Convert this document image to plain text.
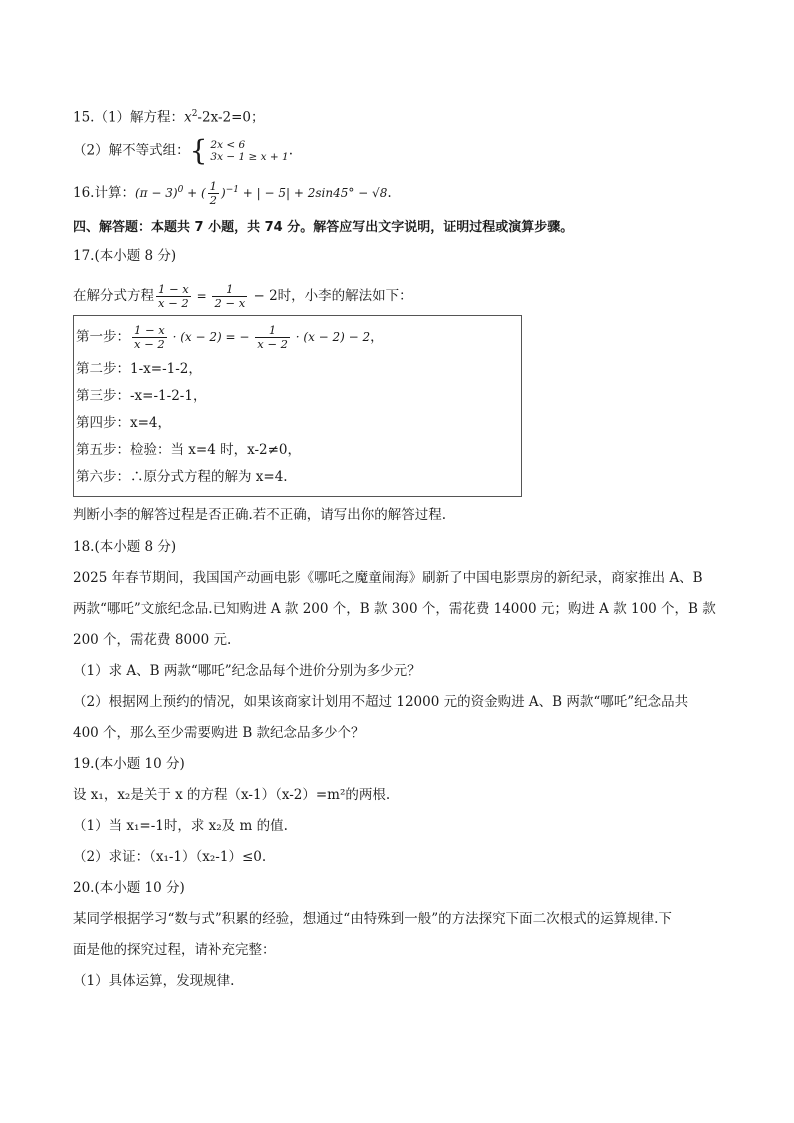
15.（1）解方程：$x^2-2x-2=0$；
（2）解不等式组：{ 2x < 6
3x − 1 ≥ x + 1 .
16.计算：$(\pi - 3)^0$ + ( $\frac{1}{2} )^{-1}$ + | − 5| + 2sin45° − √8.
四、解答题：本题共 7 小题，共 74 分。解答应写出文字说明，证明过程或演算步骤。
17.(本小题 8 分)
在解分式方程 $\frac{1 - x}{x - 2} = \frac{1}{2 - x} - 2$时，小李的解法如下：
第一步： $\frac{1 - x}{x - 2} \cdot (x - 2)$ = − $\frac{1}{x - 2} \cdot (x - 2) - 2$，
第二步：1-x=-1-2，
第三步：-x=-1-2-1，
第四步：x=4，
第五步：检验：当 x=4 时，x-2≠0，
第六步：∴原分式方程的解为 x=4.
判断小李的解答过程是否正确.若不正确，请写出你的解答过程.
18.(本小题 8 分)
2025 年春节期间，我国国产动画电影《哪吒之魔童闹海》刷新了中国电影票房的新纪录，商家推出 A、B
两款“哪吒”文旅纪念品.已知购进 A 款 200 个，B 款 300 个，需花费 14000 元；购进 A 款 100 个，B 款
200 个，需花费 8000 元.
（1）求 A、B 两款“哪吒”纪念品每个进价分别为多少元？
（2）根据网上预约的情况，如果该商家计划用不超过 12000 元的资金购进 A、B 两款“哪吒”纪念品共
400 个，那么至少需要购进 B 款纪念品多少个？
19.(本小题 10 分)
设 x₁，x₂是关于 x 的方程（x-1）（x-2）=m²的两根.
（1）当 x₁=-1时，求 x₂及 m 的值.
（2）求证：（x₁-1）（x₂-1）≤0.
20.(本小题 10 分)
某同学根据学习“数与式”积累的经验，想通过“由特殊到一般”的方法探究下面二次根式的运算规律.下
面是他的探究过程，请补充完整：
（1）具体运算，发现规律.
